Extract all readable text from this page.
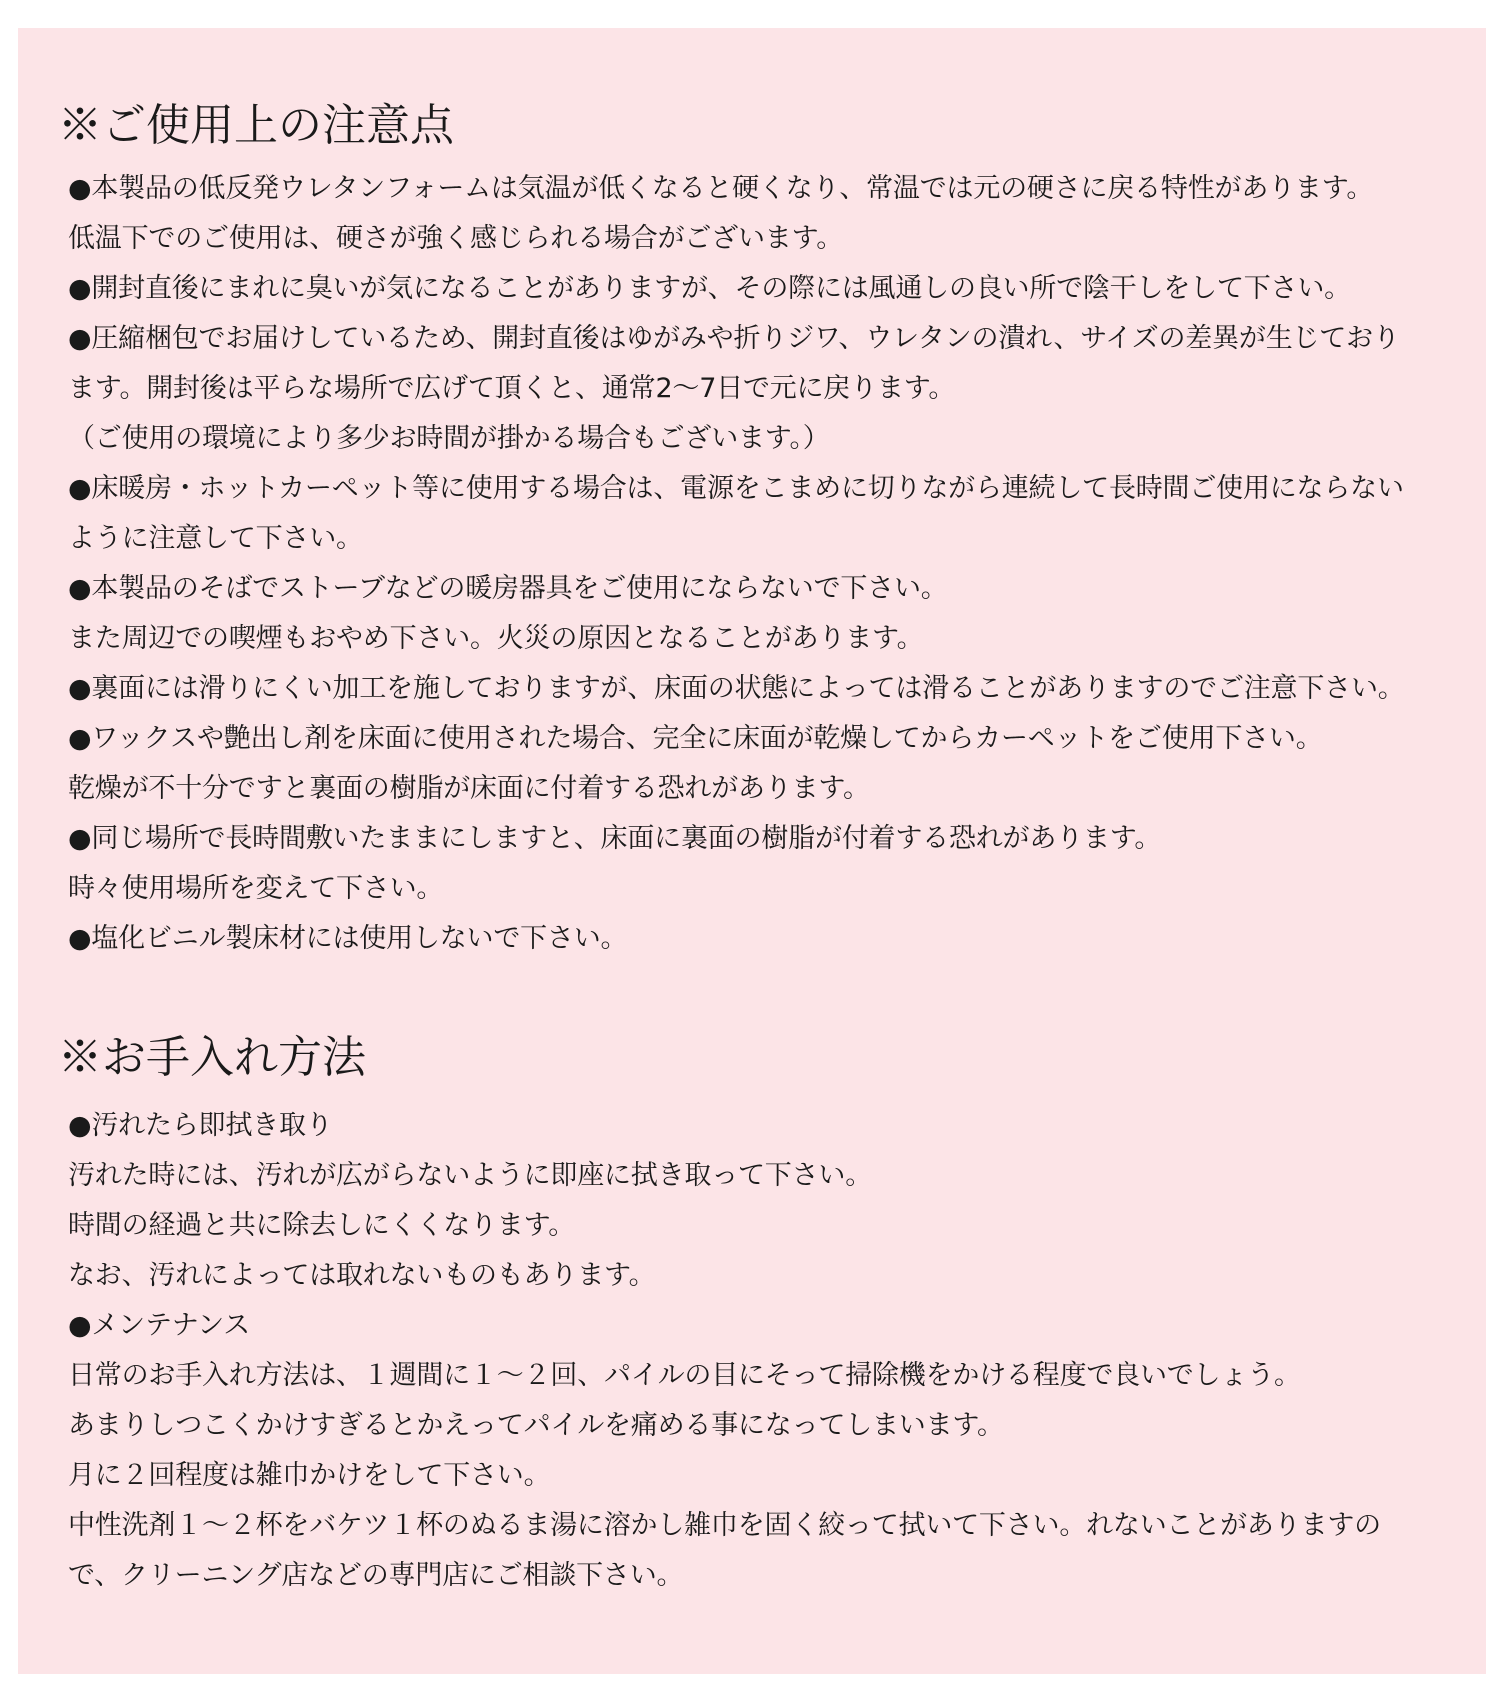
※ご使用上の注意点
●本製品の低反発ウレタンフォームは気温が低くなると硬くなり、常温では元の硬さに戻る特性があります。
低温下でのご使用は、硬さが強く感じられる場合がございます。
●開封直後にまれに臭いが気になることがありますが、その際には風通しの良い所で陰干しをして下さい。
●圧縮梱包でお届けしているため、開封直後はゆがみや折りジワ、ウレタンの潰れ、サイズの差異が生じており
ます。開封後は平らな場所で広げて頂くと、通常2～7日で元に戻ります。
（ご使用の環境により多少お時間が掛かる場合もございます。）
●床暖房・ホットカーペット等に使用する場合は、電源をこまめに切りながら連続して長時間ご使用にならない
ように注意して下さい。
●本製品のそばでストーブなどの暖房器具をご使用にならないで下さい。
また周辺での喫煙もおやめ下さい。火災の原因となることがあります。
●裏面には滑りにくい加工を施しておりますが、床面の状態によっては滑ることがありますのでご注意下さい。
●ワックスや艶出し剤を床面に使用された場合、完全に床面が乾燥してからカーペットをご使用下さい。
乾燥が不十分ですと裏面の樹脂が床面に付着する恐れがあります。
●同じ場所で長時間敷いたままにしますと、床面に裏面の樹脂が付着する恐れがあります。
時々使用場所を変えて下さい。
●塩化ビニル製床材には使用しないで下さい。
※お手入れ方法
●汚れたら即拭き取り
汚れた時には、汚れが広がらないように即座に拭き取って下さい。
時間の経過と共に除去しにくくなります。
なお、汚れによっては取れないものもあります。
●メンテナンス
日常のお手入れ方法は、１週間に１～２回、パイルの目にそって掃除機をかける程度で良いでしょう。
あまりしつこくかけすぎるとかえってパイルを痛める事になってしまいます。
月に２回程度は雑巾かけをして下さい。
中性洗剤１～２杯をバケツ１杯のぬるま湯に溶かし雑巾を固く絞って拭いて下さい。れないことがありますの
で、クリーニング店などの専門店にご相談下さい。
